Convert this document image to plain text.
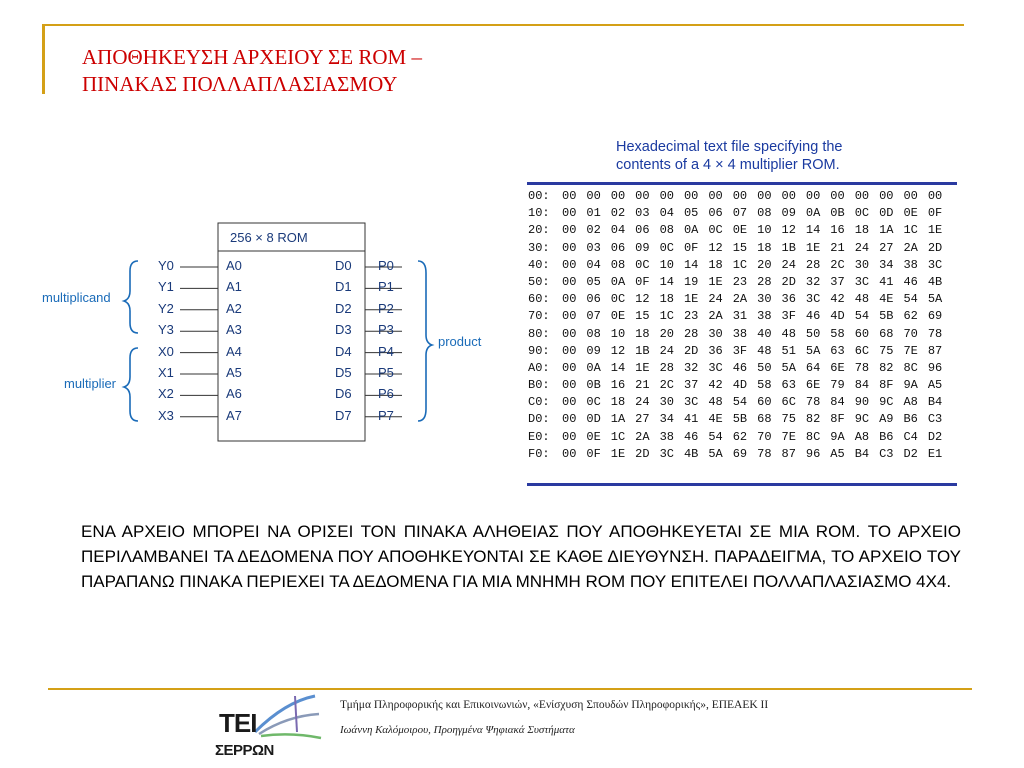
ΑΠΟΘΗΚΕΥΣΗ ΑΡΧΕΙΟΥ ΣΕ ROM –
ΠΙΝΑΚΑΣ ΠΟΛΛΑΠΛΑΣΙΑΣΜΟΥ
256 × 8 ROM
Y0	A0	D0 P0
Y1	A1	D1 P1
Y2	A2	D2 P2
Y3	A3	D3 P3
X0	A4	D4 P4
X1	A5	D5 P5
X2	A6	D6 P6
X3	A7	D7 P7
multiplicand
multiplier
product
Hexadecimal text file specifying the
contents of a 4 × 4 multiplier ROM.
00:	00 00 00 00 00 00 00 00 00 00 00 00 00 00 00 00
10:	00 01 02 03 04 05 06 07 08 09 0A 0B 0C 0D 0E 0F
20:	00 02 04 06 08 0A 0C 0E 10 12 14 16 18 1A 1C 1E
30:	00 03 06 09 0C 0F 12 15 18 1B 1E 21 24 27 2A 2D
40:	00 04 08 0C 10 14 18 1C 20 24 28 2C 30 34 38 3C
50:	00 05 0A 0F 14 19 1E 23 28 2D 32 37 3C 41 46 4B
60:	00 06 0C 12 18 1E 24 2A 30 36 3C 42 48 4E 54 5A
70:	00 07 0E 15 1C 23 2A 31 38 3F 46 4D 54 5B 62 69
80:	00 08 10 18 20 28 30 38 40 48 50 58 60 68 70 78
90:	00 09 12 1B 24 2D 36 3F 48 51 5A 63 6C 75 7E 87
A0:	00 0A 14 1E 28 32 3C 46 50 5A 64 6E 78 82 8C 96
B0:	00 0B 16 21 2C 37 42 4D 58 63 6E 79 84 8F 9A A5
C0:	00 0C 18 24 30 3C 48 54 60 6C 78 84 90 9C A8 B4
D0:	00 0D 1A 27 34 41 4E 5B 68 75 82 8F 9C A9 B6 C3
E0:	00 0E 1C 2A 38 46 54 62 70 7E 8C 9A A8 B6 C4 D2
F0:	00 0F 1E 2D 3C 4B 5A 69 78 87 96 A5 B4 C3 D2 E1

ΕΝΑ ΑΡΧΕΙΟ ΜΠΟΡΕΙ ΝΑ ΟΡΙΣΕΙ ΤΟΝ ΠΙΝΑΚΑ ΑΛΗΘΕΙΑΣ ΠΟΥ ΑΠΟΘΗΚΕΥΕΤΑΙ ΣΕ ΜΙΑ ROM. ΤΟ ΑΡΧΕΙΟ ΠΕΡΙΛΑΜΒΑΝΕΙ ΤΑ ΔΕΔΟΜΕΝΑ ΠΟΥ ΑΠΟΘΗΚΕΥΟΝΤΑΙ ΣΕ ΚΑΘΕ ΔΙΕΥΘΥΝΣΗ. ΠΑΡΑΔΕΙΓΜΑ, ΤΟ ΑΡΧΕΙΟ ΤΟΥ ΠΑΡΑΠΑΝΩ ΠΙΝΑΚΑ ΠΕΡΙΕΧΕΙ ΤΑ ΔΕΔΟΜΕΝΑ ΓΙΑ ΜΙΑ ΜΝΗΜΗ ROM ΠΟΥ ΕΠΙΤΕΛΕΙ ΠΟΛΛΑΠΛΑΣΙΑΣΜΟ 4Χ4.

ΤΕΙ
ΣΕΡΡΩΝ
Τμήμα Πληροφορικής και Επικοινωνιών, «Ενίσχυση Σπουδών Πληροφορικής», ΕΠΕΑΕΚ ΙΙ
Ιωάννη Καλόμοιρου, Προηγμένα Ψηφιακά Συστήματα
